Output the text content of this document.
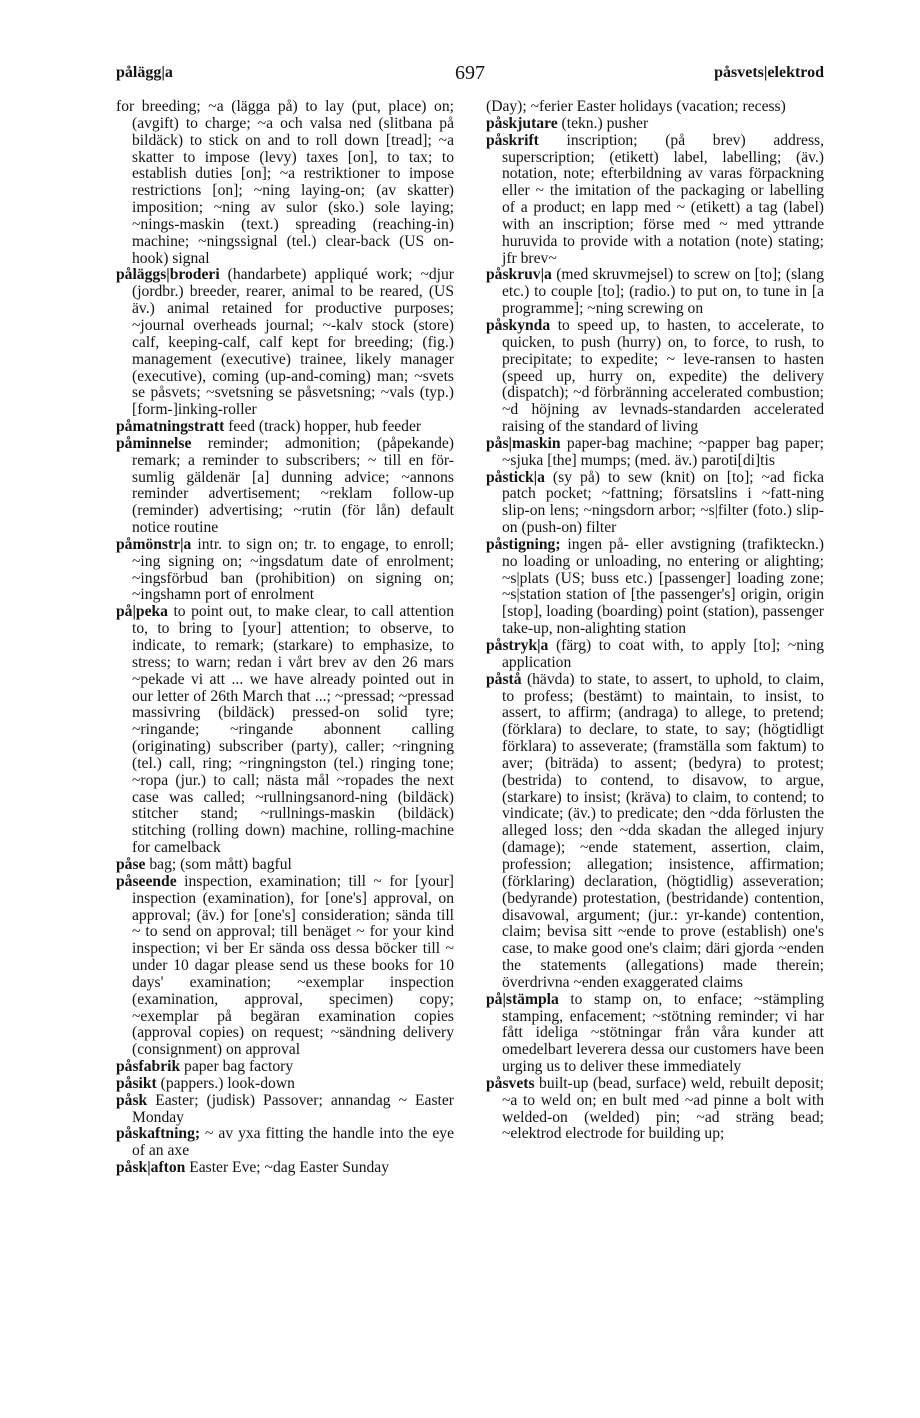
pålägg|a	697	påsvets|elektrod

for breeding; ~a (lägga på) to lay (put, place) on; (avgift) to charge; ~a och valsa ned (slitbana på bildäck) to stick on and to roll down [tread]; ~a skatter to impose (levy) taxes [on], to tax; to establish duties [on]; ~a restriktioner to impose restrictions [on]; ~ning laying-on; (av skatter) imposition; ~ning av sulor (sko.) sole laying; ~nings-maskin (text.) spreading (reaching-in) machine; ~ningssignal (tel.) clear-back (US on-hook) signal

påläggs|broderi (handarbete) appliqué work; ~djur (jordbr.) breeder, rearer, animal to be reared, (US äv.) animal retained for productive purposes; ~journal overheads journal; ~-kalv stock (store) calf, keeping-calf, calf kept for breeding; (fig.) management (executive) trainee, likely manager (executive), coming (up-and-coming) man; ~svets se påsvets; ~svetsning se påsvetsning; ~vals (typ.) [form-]inking-roller

påmatningstratt feed (track) hopper, hub feeder

påminnelse reminder; admonition; (påpekande) remark; a reminder to subscribers; ~ till en för-sumlig gäldenär [a] dunning advice; ~annons reminder advertisement; ~reklam follow-up (reminder) advertising; ~rutin (för lån) default notice routine

påmönstr|a intr. to sign on; tr. to engage, to enroll; ~ing signing on; ~ingsdatum date of enrolment; ~ingsförbud ban (prohibition) on signing on; ~ingshamn port of enrolment

på|peka to point out, to make clear, to call attention to, to bring to [your] attention; to observe, to indicate, to remark; (starkare) to emphasize, to stress; to warn; redan i vårt brev av den 26 mars ~pekade vi att ... we have already pointed out in our letter of 26th March that ...; ~pressad; ~pressad massivring (bildäck) pressed-on solid tyre; ~ringande; ~ringande abonnent calling (originating) subscriber (party), caller; ~ringning (tel.) call, ring; ~ringningston (tel.) ringing tone; ~ropa (jur.) to call; nästa mål ~ropades the next case was called; ~rullningsanord-ning (bildäck) stitcher stand; ~rullnings-maskin (bildäck) stitching (rolling down) machine, rolling-machine for camelback

påse bag; (som mått) bagful

påseende inspection, examination; till ~ for [your] inspection (examination), for [one's] approval, on approval; (äv.) for [one's] consideration; sända till ~ to send on approval; till benäget ~ for your kind inspection; vi ber Er sända oss dessa böcker till ~ under 10 dagar please send us these books for 10 days' examination; ~exemplar inspection (examination, approval, specimen) copy; ~exemplar på begäran examination copies (approval copies) on request; ~sändning delivery (consignment) on approval

påsfabrik paper bag factory

påsikt (pappers.) look-down

påsk Easter; (judisk) Passover; annandag ~ Easter Monday

påskaftning; ~ av yxa fitting the handle into the eye of an axe

påsk|afton Easter Eve; ~dag Easter Sunday

(Day); ~ferier Easter holidays (vacation; recess)

påskjutare (tekn.) pusher

påskrift inscription; (på brev) address, superscription; (etikett) label, labelling; (äv.) notation, note; efterbildning av varas förpackning eller ~ the imitation of the packaging or labelling of a product; en lapp med ~ (etikett) a tag (label) with an inscription; förse med ~ med yttrande huruvida to provide with a notation (note) stating; jfr brev~

påskruv|a (med skruvmejsel) to screw on [to]; (slang etc.) to couple [to]; (radio.) to put on, to tune in [a programme]; ~ning screwing on

påskynda to speed up, to hasten, to accelerate, to quicken, to push (hurry) on, to force, to rush, to precipitate; to expedite; ~ leve-ransen to hasten (speed up, hurry on, expedite) the delivery (dispatch); ~d förbränning accelerated combustion; ~d höjning av levnads-standarden accelerated raising of the standard of living

pås|maskin paper-bag machine; ~papper bag paper; ~sjuka [the] mumps; (med. äv.) paroti[di]tis

påstick|a (sy på) to sew (knit) on [to]; ~ad ficka patch pocket; ~fattning; försatslins i ~fatt-ning slip-on lens; ~ningsdorn arbor; ~s|filter (foto.) slip-on (push-on) filter

påstigning; ingen på- eller avstigning (trafikteckn.) no loading or unloading, no entering or alighting; ~s|plats (US; buss etc.) [passenger] loading zone; ~s|station station of [the passenger's] origin, origin [stop], loading (boarding) point (station), passenger take-up, non-alighting station

påstryk|a (färg) to coat with, to apply [to]; ~ning application

påstå (hävda) to state, to assert, to uphold, to claim, to profess; (bestämt) to maintain, to insist, to assert, to affirm; (andraga) to allege, to pretend; (förklara) to declare, to state, to say; (högtidligt förklara) to asseverate; (framställa som faktum) to aver; (biträda) to assent; (bedyra) to protest; (bestrida) to contend, to disavow, to argue, (starkare) to insist; (kräva) to claim, to contend; to vindicate; (äv.) to predicate; den ~dda förlusten the alleged loss; den ~dda skadan the alleged injury (damage); ~ende statement, assertion, claim, profession; allegation; insistence, affirmation; (förklaring) declaration, (högtidlig) asseveration; (bedyrande) protestation, (bestridande) contention, disavowal, argument; (jur.: yr-kande) contention, claim; bevisa sitt ~ende to prove (establish) one's case, to make good one's claim; däri gjorda ~enden the statements (allegations) made therein; överdrivna ~enden exaggerated claims

på|stämpla to stamp on, to enface; ~stämpling stamping, enfacement; ~stötning reminder; vi har fått ideliga ~stötningar från våra kunder att omedelbart leverera dessa our customers have been urging us to deliver these immediately

påsvets built-up (bead, surface) weld, rebuilt deposit; ~a to weld on; en bult med ~ad pinne a bolt with welded-on (welded) pin; ~ad sträng bead; ~elektrod electrode for building up;
